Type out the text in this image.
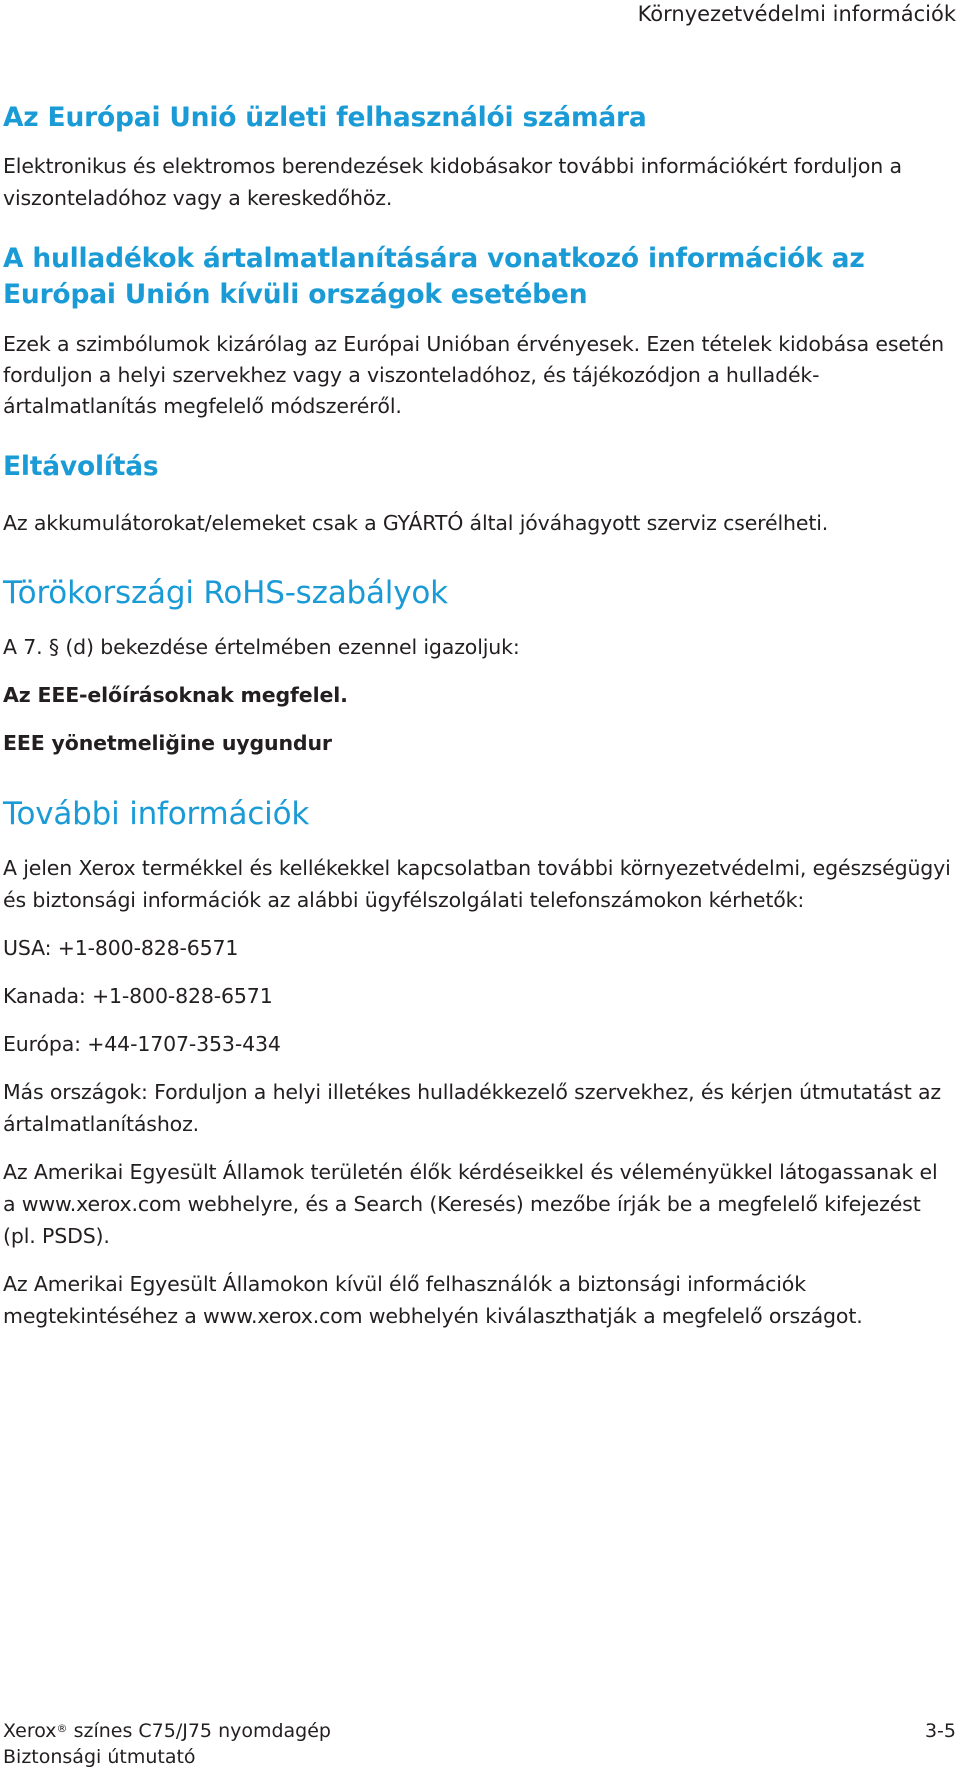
Környezetvédelmi információk
Az Európai Unió üzleti felhasználói számára

Elektronikus és elektromos berendezések kidobásakor további információkért forduljon a viszonteladóhoz vagy a kereskedőhöz.

A hulladékok ártalmatlanítására vonatkozó információk az Európai Unión kívüli országok esetében

Ezek a szimbólumok kizárólag az Európai Unióban érvényesek. Ezen tételek kidobása esetén forduljon a helyi szervekhez vagy a viszonteladóhoz, és tájékozódjon a hulladék-ártalmatlanítás megfelelő módszeréről.

Eltávolítás

Az akkumulátorokat/elemeket csak a GYÁRTÓ által jóváhagyott szerviz cserélheti.

Törökországi RoHS-szabályok

A 7. § (d) bekezdése értelmében ezennel igazoljuk:

Az EEE-előírásoknak megfelel.

EEE yönetmeliğine uygundur

További információk

A jelen Xerox termékkel és kellékekkel kapcsolatban további környezetvédelmi, egészségügyi és biztonsági információk az alábbi ügyfélszolgálati telefonszámokon kérhetők:

USA: +1-800-828-6571

Kanada: +1-800-828-6571

Európa: +44-1707-353-434

Más országok: Forduljon a helyi illetékes hulladékkezelő szervekhez, és kérjen útmutatást az ártalmatlanításhoz.

Az Amerikai Egyesült Államok területén élők kérdéseikkel és véleményükkel látogassanak el a www.xerox.com webhelyre, és a Search (Keresés) mezőbe írják be a megfelelő kifejezést (pl. PSDS).

Az Amerikai Egyesült Államokon kívül élő felhasználók a biztonsági információk megtekintéséhez a www.xerox.com webhelyén kiválaszthatják a megfelelő országot.

Xerox® színes C75/J75 nyomdagép
Biztonsági útmutató
3-5
